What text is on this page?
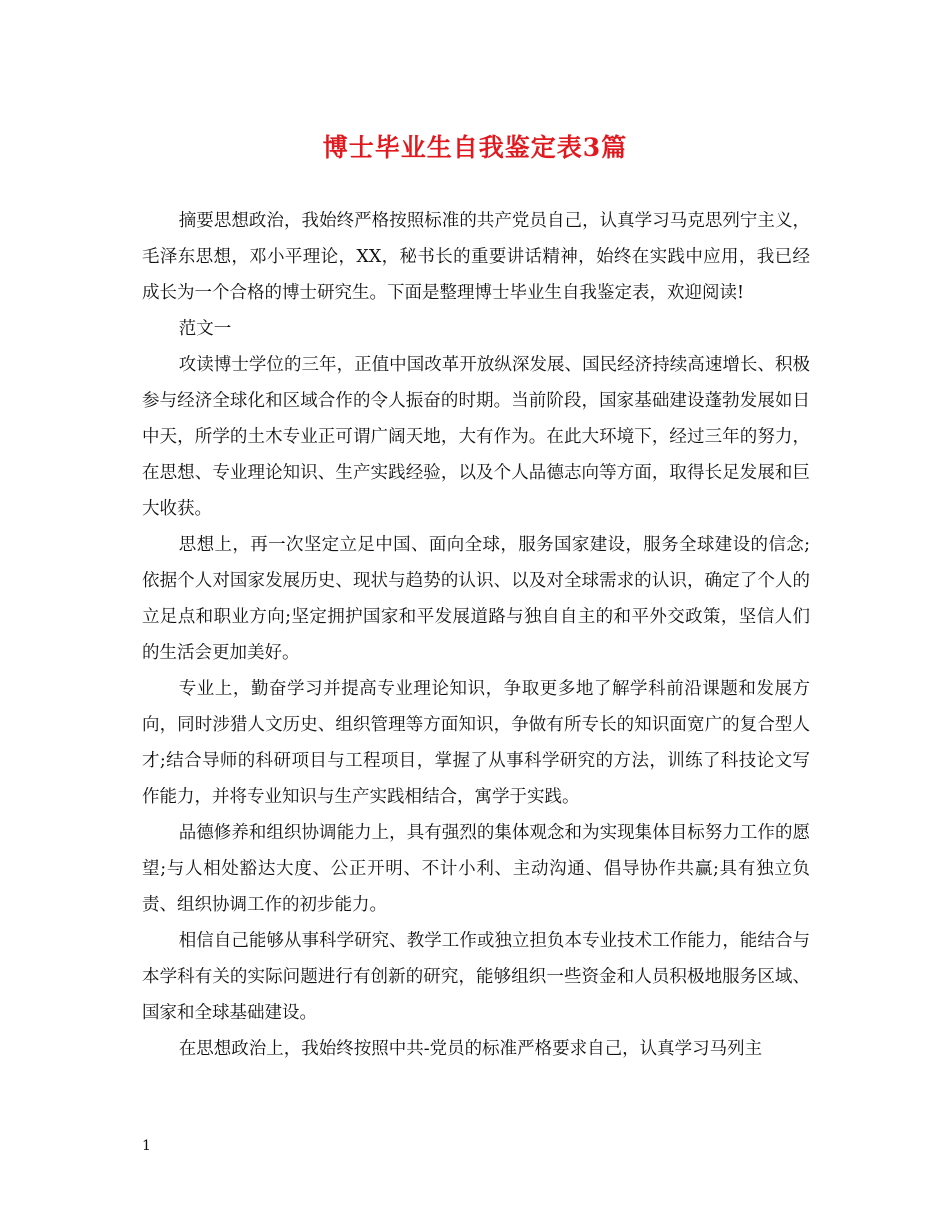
博士毕业生自我鉴定表3篇

摘要思想政治，我始终严格按照标准的共产党员自己，认真学习马克思列宁主义，毛泽东思想，邓小平理论，XX，秘书长的重要讲话精神，始终在实践中应用，我已经成长为一个合格的博士研究生。下面是整理博士毕业生自我鉴定表，欢迎阅读!

范文一

攻读博士学位的三年，正值中国改革开放纵深发展、国民经济持续高速增长、积极参与经济全球化和区域合作的令人振奋的时期。当前阶段，国家基础建设蓬勃发展如日中天，所学的土木专业正可谓广阔天地，大有作为。在此大环境下，经过三年的努力，在思想、专业理论知识、生产实践经验，以及个人品德志向等方面，取得长足发展和巨大收获。

思想上，再一次坚定立足中国、面向全球，服务国家建设，服务全球建设的信念;依据个人对国家发展历史、现状与趋势的认识、以及对全球需求的认识，确定了个人的立足点和职业方向;坚定拥护国家和平发展道路与独自自主的和平外交政策，坚信人们的生活会更加美好。

专业上，勤奋学习并提高专业理论知识，争取更多地了解学科前沿课题和发展方向，同时涉猎人文历史、组织管理等方面知识，争做有所专长的知识面宽广的复合型人才;结合导师的科研项目与工程项目，掌握了从事科学研究的方法，训练了科技论文写作能力，并将专业知识与生产实践相结合，寓学于实践。

品德修养和组织协调能力上，具有强烈的集体观念和为实现集体目标努力工作的愿望;与人相处豁达大度、公正开明、不计小利、主动沟通、倡导协作共赢;具有独立负责、组织协调工作的初步能力。

相信自己能够从事科学研究、教学工作或独立担负本专业技术工作能力，能结合与本学科有关的实际问题进行有创新的研究，能够组织一些资金和人员积极地服务区域、国家和全球基础建设。

在思想政治上，我始终按照中共-党员的标准严格要求自己，认真学习马列主

1
